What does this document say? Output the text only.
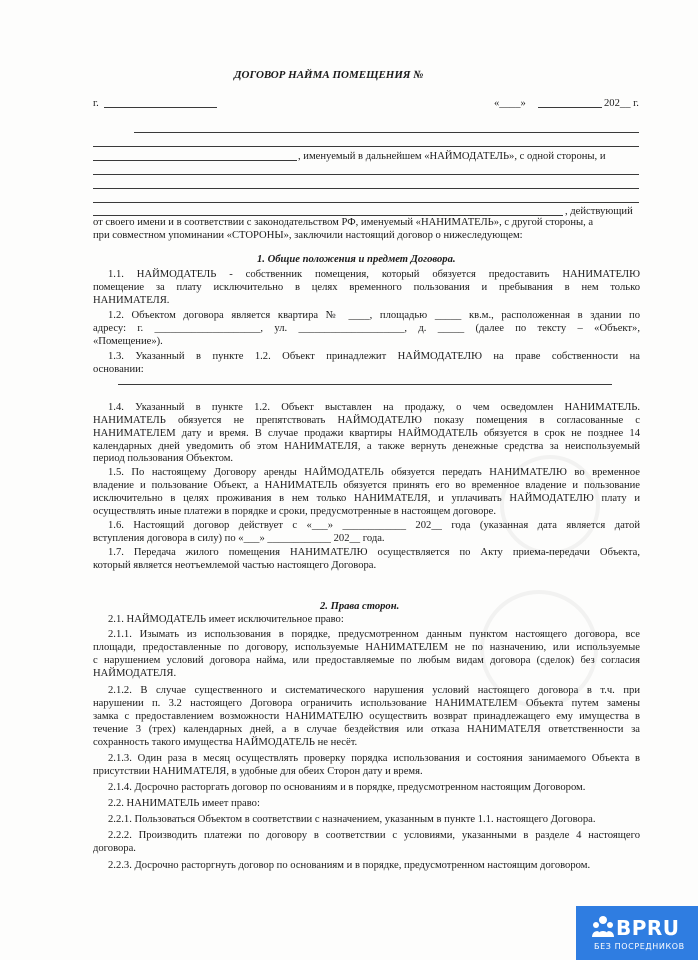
ДОГОВОР НАЙМА ПОМЕЩЕНИЯ №
г.	«____»	202__ г.
, именуемый в дальнейшем «НАЙМОДАТЕЛЬ», с одной стороны, и
, действующий
от своего имени и в соответствии с законодательством РФ, именуемый «НАНИМАТЕЛЬ», с другой стороны, а
при совместном упоминании «СТОРОНЫ», заключили настоящий договор о нижеследующем:
1. Общие положения и предмет Договора.
1.1. НАЙМОДАТЕЛЬ - собственник помещения, который обязуется предоставить НАНИМАТЕЛЮ
помещение за плату исключительно в целях временного пользования и пребывания в нем только
НАНИМАТЕЛЯ.
1.2. Объектом договора является квартира № ____, площадью _____ кв.м., расположенная в здании по
адресу: г. ____________________, ул. ____________________, д. _____ (далее по тексту – «Объект»,
«Помещение»).
1.3. Указанный в пункте 1.2. Объект принадлежит НАЙМОДАТЕЛЮ на праве собственности на
основании:
1.4. Указанный в пункте 1.2. Объект выставлен на продажу, о чем осведомлен НАНИМАТЕЛЬ.
НАНИМАТЕЛЬ обязуется не препятствовать НАЙМОДАТЕЛЮ показу помещения в согласованные с
НАНИМАТЕЛЕМ дату и время. В случае продажи квартиры НАЙМОДАТЕЛЬ обязуется в срок не позднее 14
календарных дней уведомить об этом НАНИМАТЕЛЯ, а также вернуть денежные средства за неиспользуемый
период пользования Объектом.
1.5. По настоящему Договору аренды НАЙМОДАТЕЛЬ обязуется передать НАНИМАТЕЛЮ во временное
владение и пользование Объект, а НАНИМАТЕЛЬ обязуется принять его во временное владение и пользование
исключительно в целях проживания в нем только НАНИМАТЕЛЯ, и уплачивать НАЙМОДАТЕЛЮ плату и
осуществлять иные платежи в порядке и сроки, предусмотренные в настоящем договоре.
1.6. Настоящий договор действует с «___» ____________ 202__ года (указанная дата является датой
вступления договора в силу) по «___» ____________ 202__ года.
1.7. Передача жилого помещения НАНИМАТЕЛЮ осуществляется по Акту приема-передачи Объекта,
который является неотъемлемой частью настоящего Договора.
2. Права сторон.
2.1. НАЙМОДАТЕЛЬ имеет исключительное право:
2.1.1. Изымать из использования в порядке, предусмотренном данным пунктом настоящего договора, все
площади, предоставленные по договору, используемые НАНИМАТЕЛЕМ не по назначению, или используемые
с нарушением условий договора найма, или предоставляемые по любым видам договора (сделок) без согласия
НАЙМОДАТЕЛЯ.
2.1.2. В случае существенного и систематического нарушения условий настоящего договора в т.ч. при
нарушении п. 3.2 настоящего Договора ограничить использование НАНИМАТЕЛЕМ Объекта путем замены
замка с предоставлением возможности НАНИМАТЕЛЮ осуществить возврат принадлежащего ему имущества в
течение 3 (трех) календарных дней, а в случае бездействия или отказа НАНИМАТЕЛЯ ответственности за
сохранность такого имущества НАЙМОДАТЕЛЬ не несёт.
2.1.3. Один раза в месяц осуществлять проверку порядка использования и состояния занимаемого Объекта в
присутствии НАНИМАТЕЛЯ, в удобные для обеих Сторон дату и время.
2.1.4. Досрочно расторгать договор по основаниям и в порядке, предусмотренном настоящим Договором.
2.2. НАНИМАТЕЛЬ имеет право:
2.2.1. Пользоваться Объектом в соответствии с назначением, указанным в пункте 1.1. настоящего Договора.
2.2.2. Производить платежи по договору в соответствии с условиями, указанными в разделе 4 настоящего
договора.
2.2.3. Досрочно расторгнуть договор по основаниям и в порядке, предусмотренном настоящим договором.
BPRU
БЕЗ ПОСРЕДНИКОВ
